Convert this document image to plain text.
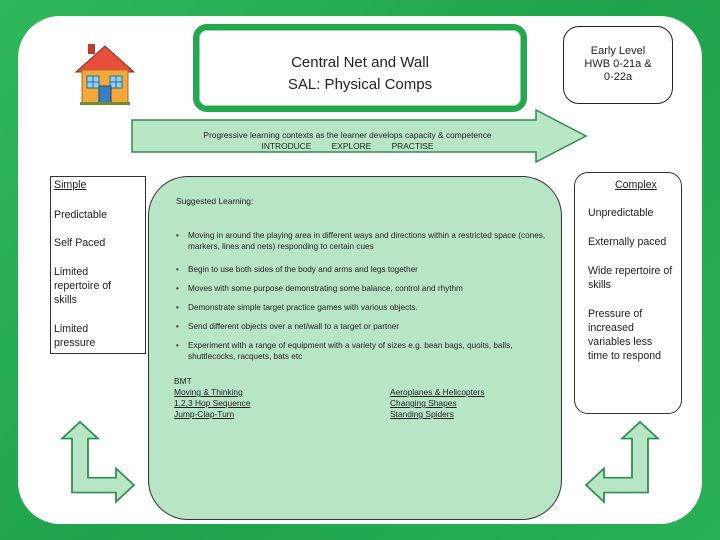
Central Net and Wall
SAL: Physical Comps
Early Level
HWB 0-21a &
0-22a
Progressive learning contexts as the learner develops capacity & competence
INTRODUCE EXPLORE PRACTISE
Simple
Predictable
Self Paced
Limited repertoire of skills
Limited pressure
Complex
Unpredictable
Externally paced
Wide repertoire of skills
Pressure of increased variables less time to respond
Suggested Learning:
• Moving in around the playing area in different ways and directions within a restricted space (cones, markers, lines and nets) responding to certain cues
• Begin to use both sides of the body and arms and legs together
• Moves with some purpose demonstrating some balance, control and rhythm
• Demonstrate simple target practice games with various objects.
• Send different objects over a net/wall to a target or partner
• Experiment with a range of equipment with a variety of sizes e.g. bean bags, quoits, balls, shuttlecocks, racquets, bats etc
BMT
Moving & Thinking
1,2,3 Hop Sequence
Jump-Clap-Turn
Aeroplanes & Helicopters
Changing Shapes
Standing Spiders
